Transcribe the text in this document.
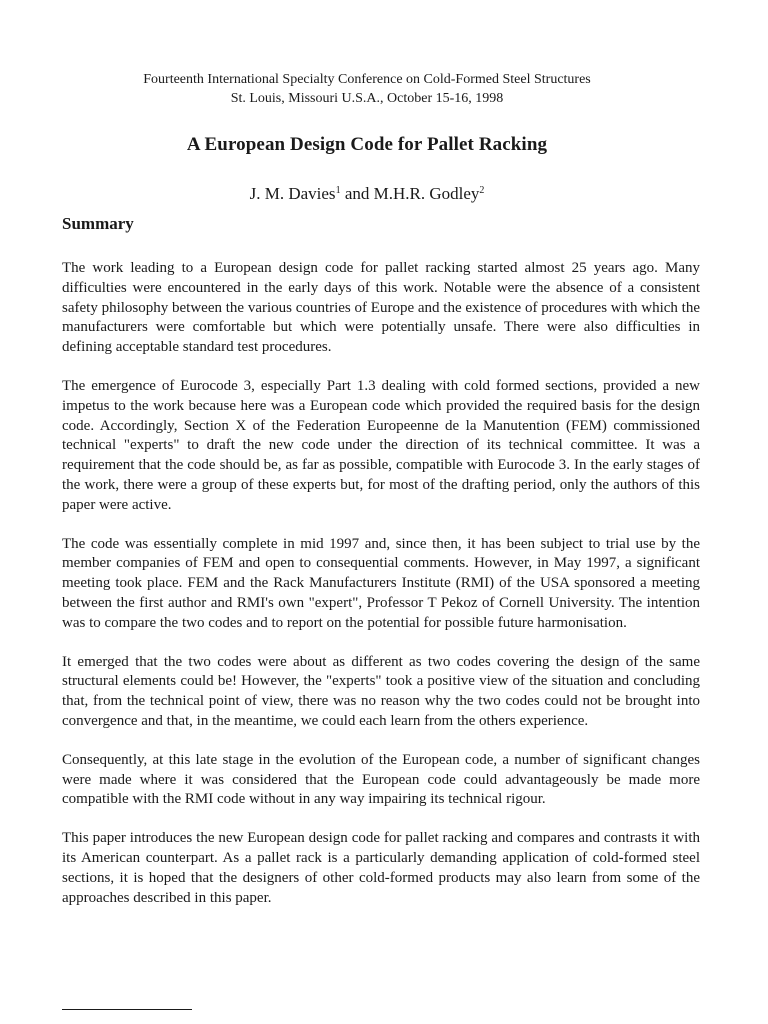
Fourteenth International Specialty Conference on Cold-Formed Steel Structures
St. Louis, Missouri U.S.A., October 15-16, 1998
A European Design Code for Pallet Racking
J. M. Davies$^1$ and M.H.R. Godley$^2$
Summary

The work leading to a European design code for pallet racking started almost 25 years ago. Many difficulties were encountered in the early days of this work. Notable were the absence of a consistent safety philosophy between the various countries of Europe and the existence of procedures with which the manufacturers were comfortable but which were potentially unsafe. There were also difficulties in defining acceptable standard test procedures.

The emergence of Eurocode 3, especially Part 1.3 dealing with cold formed sections, provided a new impetus to the work because here was a European code which provided the required basis for the design code. Accordingly, Section X of the Federation Europeenne de la Manutention (FEM) commissioned technical "experts" to draft the new code under the direction of its technical committee. It was a requirement that the code should be, as far as possible, compatible with Eurocode 3. In the early stages of the work, there were a group of these experts but, for most of the drafting period, only the authors of this paper were active.

The code was essentially complete in mid 1997 and, since then, it has been subject to trial use by the member companies of FEM and open to consequential comments. However, in May 1997, a significant meeting took place. FEM and the Rack Manufacturers Institute (RMI) of the USA sponsored a meeting between the first author and RMI's own "expert", Professor T Pekoz of Cornell University. The intention was to compare the two codes and to report on the potential for possible future harmonisation.

It emerged that the two codes were about as different as two codes covering the design of the same structural elements could be! However, the "experts" took a positive view of the situation and concluding that, from the technical point of view, there was no reason why the two codes could not be brought into convergence and that, in the meantime, we could each learn from the others experience.

Consequently, at this late stage in the evolution of the European code, a number of significant changes were made where it was considered that the European code could advantageously be made more compatible with the RMI code without in any way impairing its technical rigour.

This paper introduces the new European design code for pallet racking and compares and contrasts it with its American counterpart. As a pallet rack is a particularly demanding application of cold-formed steel sections, it is hoped that the designers of other cold-formed products may also learn from some of the approaches described in this paper.
